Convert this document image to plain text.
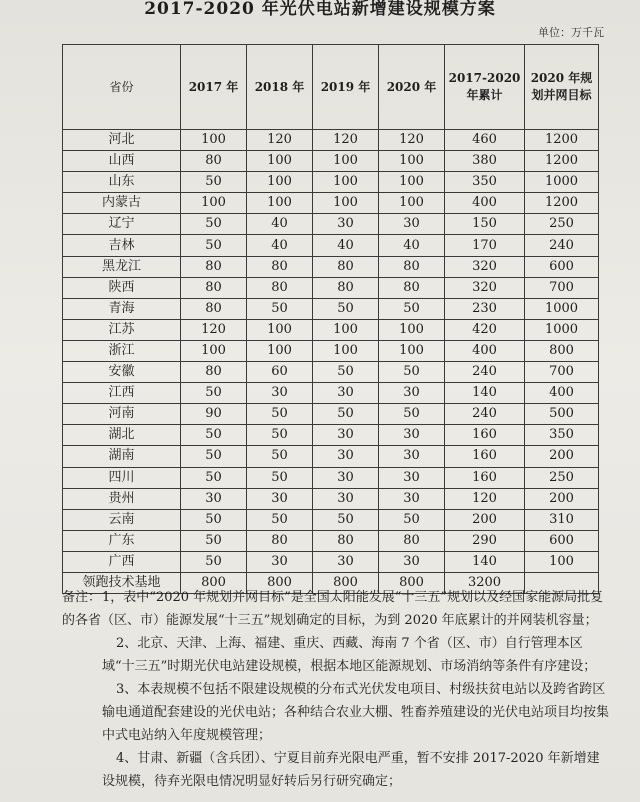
2017-2020 年光伏电站新增建设规模方案
单位：万千瓦
省份	2017 年	2018 年	2019 年	2020 年	2017-2020 年累计	2020 年规划并网目标
河北	100	120	120	120	460	1200
山西	80	100	100	100	380	1200
山东	50	100	100	100	350	1000
内蒙古	100	100	100	100	400	1200
辽宁	50	40	30	30	150	250
吉林	50	40	40	40	170	240
黑龙江	80	80	80	80	320	600
陕西	80	80	80	80	320	700
青海	80	50	50	50	230	1000
江苏	120	100	100	100	420	1000
浙江	100	100	100	100	400	800
安徽	80	60	50	50	240	700
江西	50	30	30	30	140	400
河南	90	50	50	50	240	500
湖北	50	50	30	30	160	350
湖南	50	50	30	30	160	200
四川	50	50	30	30	160	250
贵州	30	30	30	30	120	200
云南	50	50	50	50	200	310
广东	50	80	80	80	290	600
广西	50	30	30	30	140	100
领跑技术基地	800	800	800	800	3200	

备注： 1，表中“2020 年规划并网目标”是全国太阳能发展“十三五”规划以及经国家能源局批复的各省（区、市）能源发展“十三五”规划确定的目标，为到 2020 年底累计的并网装机容量；

2、北京、天津、上海、福建、重庆、西藏、海南 7 个省（区、市）自行管理本区域“十三五”时期光伏电站建设规模，根据本地区能源规划、市场消纳等条件有序建设；

3、本表规模不包括不限建设规模的分布式光伏发电项目、村级扶贫电站以及跨省跨区输电通道配套建设的光伏电站；各种结合农业大棚、牲畜养殖建设的光伏电站项目均按集中式电站纳入年度规模管理；

4、甘肃、新疆（含兵团）、宁夏目前弃光限电严重，暂不安排 2017-2020 年新增建设规模，待弃光限电情况明显好转后另行研究确定；
